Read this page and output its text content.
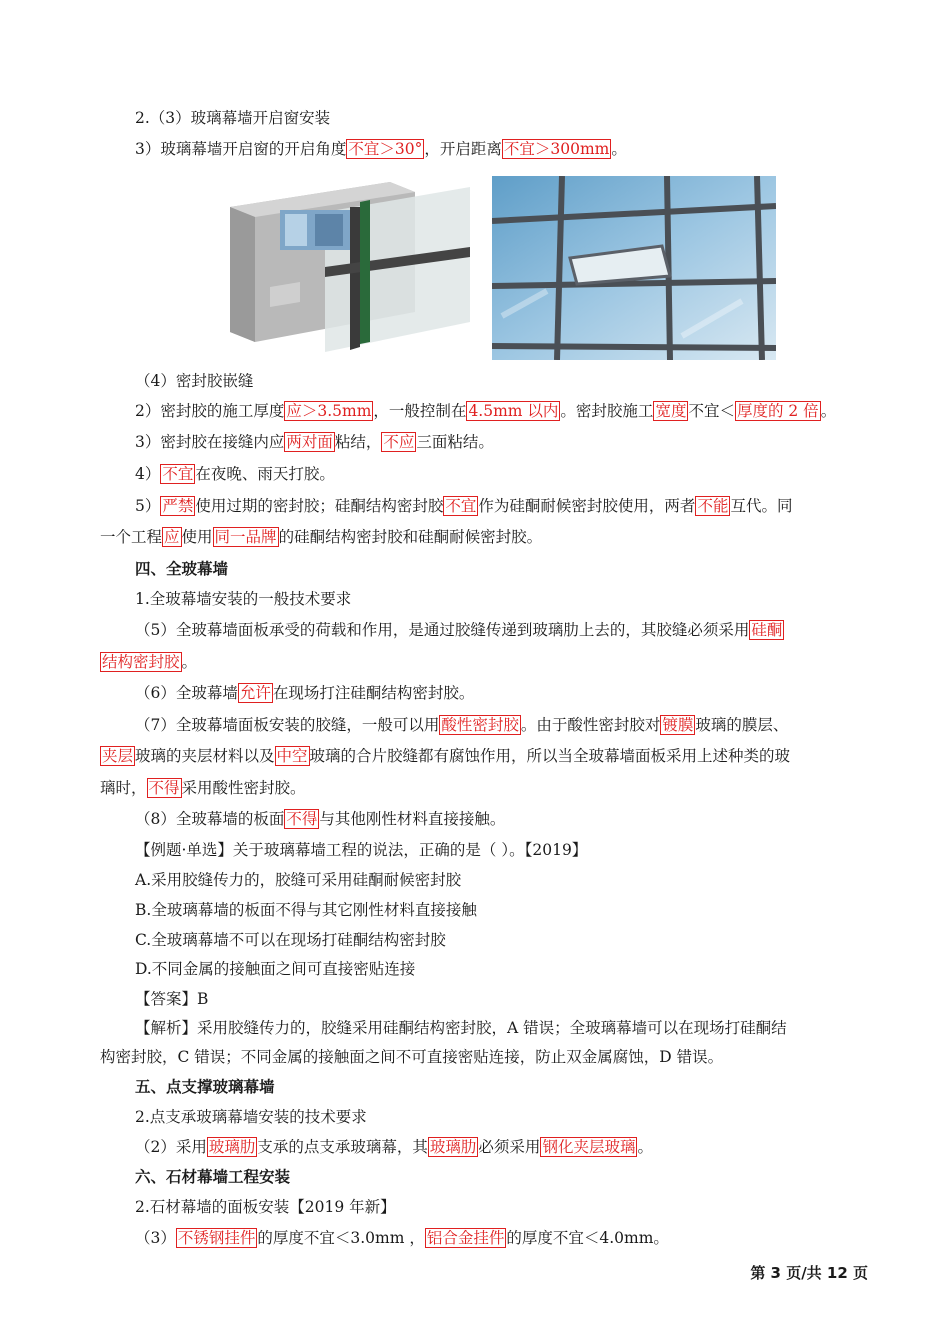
2.（3）玻璃幕墙开启窗安装
3）玻璃幕墙开启窗的开启角度 不宜＞30° ，开启距离 不宜＞300mm 。
（4）密封胶嵌缝
2）密封胶的施工厚度 应＞3.5mm ，一般控制在 4.5mm 以内 。密封胶施工 宽度 不宜＜ 厚度的 2 倍 。
3）密封胶在接缝内应 两对面 粘结， 不应 三面粘结。
4） 不宜 在夜晚、雨天打胶。
5） 严禁 使用过期的密封胶；硅酮结构密封胶 不宜 作为硅酮耐候密封胶使用，两者 不能 互代。同
一个工程 应 使用 同一品牌 的硅酮结构密封胶和硅酮耐候密封胶。
四、全玻幕墙
1.全玻幕墙安装的一般技术要求
（5）全玻幕墙面板承受的荷载和作用，是通过胶缝传递到玻璃肋上去的，其胶缝必须采用 硅酮
结构密封胶 。
（6）全玻幕墙 允许 在现场打注硅酮结构密封胶。
（7）全玻幕墙面板安装的胶缝，一般可以用 酸性密封胶 。由于酸性密封胶对 镀膜 玻璃的膜层、
夹层 玻璃的夹层材料以及 中空 玻璃的合片胶缝都有腐蚀作用，所以当全玻幕墙面板采用上述种类的玻
璃时， 不得 采用酸性密封胶。
（8）全玻幕墙的板面 不得 与其他刚性材料直接接触。
【例题·单选】关于玻璃幕墙工程的说法，正确的是（ ）。【2019】
A.采用胶缝传力的，胶缝可采用硅酮耐候密封胶
B.全玻璃幕墙的板面不得与其它刚性材料直接接触
C.全玻璃幕墙不可以在现场打硅酮结构密封胶
D.不同金属的接触面之间可直接密贴连接
【答案】B
【解析】采用胶缝传力的，胶缝采用硅酮结构密封胶，A 错误；全玻璃幕墙可以在现场打硅酮结
构密封胶，C 错误；不同金属的接触面之间不可直接密贴连接，防止双金属腐蚀，D 错误。
五、点支撑玻璃幕墙
2.点支承玻璃幕墙安装的技术要求
（2）采用 玻璃肋 支承的点支承玻璃幕，其 玻璃肋 必须采用 钢化夹层玻璃 。
六、石材幕墙工程安装
2.石材幕墙的面板安装【2019 年新】
（3） 不锈钢挂件 的厚度不宜＜3.0mm ， 铝合金挂件 的厚度不宜＜4.0mm。
第 3 页/共 12 页
